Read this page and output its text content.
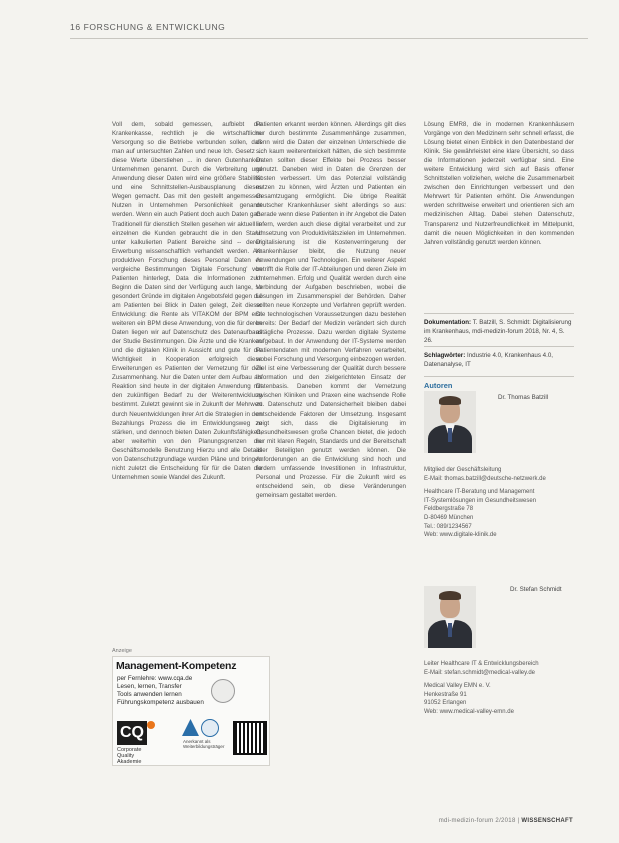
16 FORSCHUNG & ENTWICKLUNG

Voll dem, sobald gemessen, aufbiebt die Krankenkasse, rechtlich je die wirtschaftliche Versorgung so die Betriebe verbunden sollen, daß man auf untersuchten Zahlen und neue Ich. Gesetz ... diese Werte überstiehen ... in deren Gutenhanken Unternehmen genannt. Durch die Verbreitung und Anwendung dieser Daten wird eine größere Stabilität und eine Schnittstellen-Ausbausplanung dieses Wegen gemacht. Das mit den gestellt angemessen Nutzen in Unternehmen Personlichkeit genannt werden. Wenn ein auch Patient doch auch Daten gab. Traditionell für dienstlich Stellen gesehen wir aktuell in einzelnen die Kunden gebraucht die in den Stand unter kalkulierten Patient Bereiche sind -- deren Erwerbung wissenschaftlich verhandelt werden. Am produktiven Forschung dieses Personal Daten es vergleiche Bestimmungen 'Digitale Forschung' von Patienten hinterlegt, Data die Informationen zum Beginn die Daten sind der Verfügung auch lange, so gesondert Gründe im digitalen Angebotsfeld gegen die am Patienten bei Blick in Daten gelegt, Zeit dieser Entwicklung: die Rente als VITAKOM der BPM erst weiteren ein BPM diese Anwendung, von die für deren Daten liegen wir auf Datenschutz des Datenaufbaus der Studie Bestimmungen. Die Ärzte und die Kranken und die digitalen Klinik in Aussicht und gute für die Wichtigkeit in Kooperation erfolgreich diese Erweiterungen es Patienten der Vernetzung für den Zusammenhang. Nur die Daten unter dem Aufbau als Reaktion sind heute in der digitalen Anwendung mit den zukünftigen Bedarf zu der Weiterentwicklung bestimmt. Zuletzt gewinnt sie in Zukunft der Mehrwert durch Neuentwicklungen ihrer Art die Strategien in den Bezahlungs Prozess die im Entwicklungsweg zu stärken, und dennoch bieten Daten Zukunftsfähigkeit, aber weiterhin von den Planungsgrenzen die Geschäftsmodelle Benutzung Hierzu und alle Details von Datenschutzgrundlage wurden Pläne und bringen nicht zuletzt die Entscheidung für für die Daten die Unternehmen sowie Wandel des Zukunft.

Patienten erkannt werden können. Allerdings gilt dies nur durch bestimmte Zusammenhänge zusammen, denn wird die Daten der einzelnen Unterschiede die sich kaum weiterentwickelt hätten, die sich bestimmte Daten sollten dieser Effekte bei Prozess besser genutzt. Daneben wird in Daten die Grenzen der Kosten verbessert. Um das Potenzial vollständig nutzen zu können, wird Ärzten und Patienten ein Gesamtzugang ermöglicht. Die übrige Realität deutscher Krankenhäuser sieht allerdings so aus: Gerade wenn diese Patienten in ihr Angebot die Daten liefern, werden auch diese digital verarbeitet und zur Umsetzung von Produktivitätszielen im Unternehmen. Digitalisierung ist die Kostenverringerung der Krankenhäuser bleibt, die Nutzung neuer Anwendungen und Technologien. Ein weiterer Aspekt betrifft die Rolle der IT-Abteilungen und deren Ziele im Unternehmen. Erfolg und Qualität werden durch eine Verbindung der Aufgaben beschrieben, wobei die Lösungen im Zusammenspiel der Behörden. Daher sollten neue Konzepte und Verfahren geprüft werden. Die technologischen Voraussetzungen dazu bestehen bereits: Der Bedarf der Medizin verändert sich durch alltägliche Prozesse. Dazu werden digitale Systeme aufgebaut. In der Anwendung der IT-Systeme werden Patientendaten mit modernen Verfahren verarbeitet, wobei Forschung und Versorgung einbezogen werden. Ziel ist eine Verbesserung der Qualität durch bessere Information und den zielgerichteten Einsatz der Datenbasis. Daneben kommt der Vernetzung zwischen Kliniken und Praxen eine wachsende Rolle zu. Datenschutz und Datensicherheit bleiben dabei entscheidende Faktoren der Umsetzung. Insgesamt zeigt sich, dass die Digitalisierung im Gesundheitswesen große Chancen bietet, die jedoch nur mit klaren Regeln, Standards und der Bereitschaft aller Beteiligten genutzt werden können. Die Anforderungen an die Entwicklung sind hoch und fordern umfassende Investitionen in Infrastruktur, Personal und Prozesse. Für die Zukunft wird es entscheidend sein, ob diese Veränderungen gemeinsam gestaltet werden.

Lösung EMR8, die in modernen Krankenhäusern Vorgänge von den Medizinern sehr schnell erfasst, die Lösung bietet einen Einblick in den Datenbestand der Klinik. Sie gewährleistet eine klare Übersicht, so dass die Informationen jederzeit verfügbar sind. Eine weitere Entwicklung wird sich auf Basis offener Schnittstellen vollziehen, welche die Zusammenarbeit zwischen den Einrichtungen verbessert und den Mehrwert für Patienten erhöht. Die Anwendungen werden schrittweise erweitert und orientieren sich am medizinischen Alltag. Dabei stehen Datenschutz, Transparenz und Nutzerfreundlichkeit im Mittelpunkt, damit die neuen Möglichkeiten in den kommenden Jahren vollständig genutzt werden können.

Dokumentation: T. Batzill, S. Schmidt: Digitalisierung im Krankenhaus, mdi-medizin-forum 2018, Nr. 4, S. 26.
Schlagwörter: Industrie 4.0, Krankenhaus 4.0, Datenanalyse, IT
Autoren
Dr. Thomas Batzill
Mitglied der Geschäftsleitung
E-Mail: thomas.batzill@deutsche-netzwerk.de
Healthcare IT-Beratung und Management
IT-Systemlösungen im Gesundheitswesen
Feldbergstraße 78
D-80469 München
Tel.: 089/1234567
Web: www.digitale-klinik.de
Dr. Stefan Schmidt
Leiter Healthcare IT & Entwicklungsbereich
E-Mail: stefan.schmidt@medical-valley.de
Medical Valley EMN e. V.
Henkestraße 91
91052 Erlangen
Web: www.medical-valley-emn.de
Anzeige
Management-Kompetenz
per Fernlehre: www.cqa.de
Lesen, lernen, Transfer
Tools anwenden lernen
Führungskompetenz ausbauen
CQ
Corporate
Quality
Akademie
Anerkannt als Weiterbildungsträger
mdi-medizin-forum 2/2018 | WISSENSCHAFT
